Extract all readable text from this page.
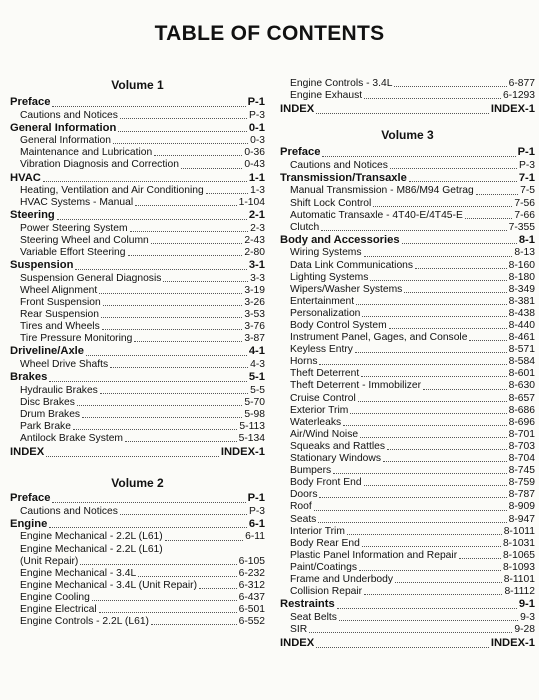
TABLE OF CONTENTS
Volume 1
Preface	P-1
Cautions and Notices	P-3
General Information	0-1
General Information	0-3
Maintenance and Lubrication	0-36
Vibration Diagnosis and Correction	0-43
HVAC	1-1
Heating, Ventilation and Air Conditioning	1-3
HVAC Systems - Manual	1-104
Steering	2-1
Power Steering System	2-3
Steering Wheel and Column	2-43
Variable Effort Steering	2-80
Suspension	3-1
Suspension General Diagnosis	3-3
Wheel Alignment	3-19
Front Suspension	3-26
Rear Suspension	3-53
Tires and Wheels	3-76
Tire Pressure Monitoring	3-87
Driveline/Axle	4-1
Wheel Drive Shafts	4-3
Brakes	5-1
Hydraulic Brakes	5-5
Disc Brakes	5-70
Drum Brakes	5-98
Park Brake	5-113
Antilock Brake System	5-134
INDEX	INDEX-1
Volume 2
Preface	P-1
Cautions and Notices	P-3
Engine	6-1
Engine Mechanical - 2.2L (L61)	6-11
Engine Mechanical - 2.2L (L61)
(Unit Repair)	6-105
Engine Mechanical - 3.4L	6-232
Engine Mechanical - 3.4L (Unit Repair)	6-312
Engine Cooling	6-437
Engine Electrical	6-501
Engine Controls - 2.2L (L61)	6-552
Engine Controls - 3.4L	6-877
Engine Exhaust	6-1293
INDEX	INDEX-1
Volume 3
Preface	P-1
Cautions and Notices	P-3
Transmission/Transaxle	7-1
Manual Transmission - M86/M94 Getrag	7-5
Shift Lock Control	7-56
Automatic Transaxle - 4T40-E/4T45-E	7-66
Clutch	7-355
Body and Accessories	8-1
Wiring Systems	8-13
Data Link Communications	8-160
Lighting Systems	8-180
Wipers/Washer Systems	8-349
Entertainment	8-381
Personalization	8-438
Body Control System	8-440
Instrument Panel, Gages, and Console	8-461
Keyless Entry	8-571
Horns	8-584
Theft Deterrent	8-601
Theft Deterrent - Immobilizer	8-630
Cruise Control	8-657
Exterior Trim	8-686
Waterleaks	8-696
Air/Wind Noise	8-701
Squeaks and Rattles	8-703
Stationary Windows	8-704
Bumpers	8-745
Body Front End	8-759
Doors	8-787
Roof	8-909
Seats	8-947
Interior Trim	8-1011
Body Rear End	8-1031
Plastic Panel Information and Repair	8-1065
Paint/Coatings	8-1093
Frame and Underbody	8-1101
Collision Repair	8-1112
Restraints	9-1
Seat Belts	9-3
SIR	9-28
INDEX	INDEX-1
